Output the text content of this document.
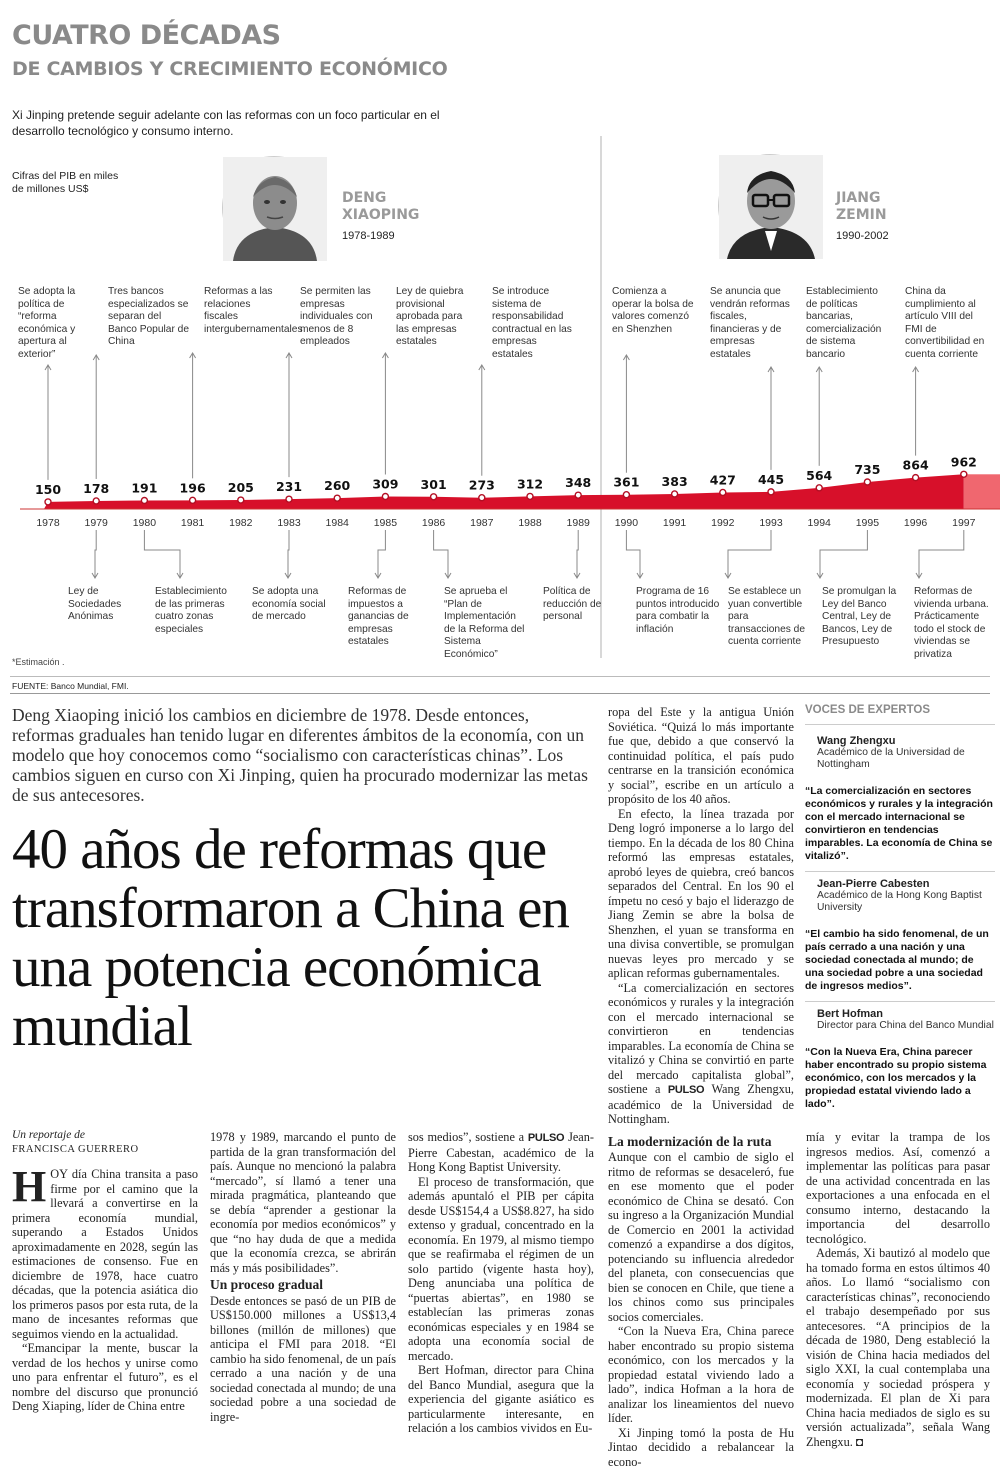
CUATRO DÉCADAS
DE CAMBIOS Y CRECIMIENTO ECONÓMICO
Xi Jinping pretende seguir adelante con las reformas con un foco particular en el desarrollo tecnológico y consumo interno.
Cifras del PIB en miles de millones US$
DENG
XIAOPING
1978-1989
JIANG
ZEMIN
1990-2002
Se adopta la política de “reforma económica y apertura al exterior”
Tres bancos especializados se separan del Banco Popular de China
Reformas a las relaciones fiscales intergubernamentales
Se permiten las empresas individuales con menos de 8 empleados
Ley de quiebra provisional aprobada para las empresas estatales
Se introduce sistema de responsabilidad contractual en las empresas estatales
Comienza a operar la bolsa de valores comenzó en Shenzhen
Se anuncia que vendrán reformas fiscales, financieras y de empresas estatales
Establecimiento de políticas bancarias, comercialización de sistema bancario
China da cumplimiento al artículo VIII del FMI de convertibilidad en cuenta corriente
Ley de Sociedades Anónimas
Establecimiento de las primeras cuatro zonas especiales
Se adopta una economía social de mercado
Reformas de impuestos a ganancias de empresas estatales
Se aprueba el “Plan de Implementación de la Reforma del Sistema Económico”
Política de reducción de personal
Programa de 16 puntos introducido para combatir la inflación
Se establece un yuan convertible para transacciones de cuenta corriente
Se promulgan la Ley del Banco Central, Ley de Bancos, Ley de Presupuesto
Reformas de vivienda urbana. Prácticamente todo el stock de viviendas se privatiza
150
1978
178
1979
191
1980
196
1981
205
1982
231
1983
260
1984
309
1985
301
1986
273
1987
312
1988
348
1989
361
1990
383
1991
427
1992
445
1993
564
1994
735
1995
864
1996
962
1997
*Estimación .
FUENTE: Banco Mundial, FMI.
Deng Xiaoping inició los cambios en diciembre de 1978. Desde entonces, reformas graduales han tenido lugar en diferentes ámbitos de la economía, con un modelo que hoy conocemos como “socialismo con características chinas”. Los cambios siguen en curso con Xi Jinping, quien ha procurado modernizar las metas de sus antecesores.
40 años de reformas que transformaron a China en una potencia económica mundial
Un reportaje de
FRANCISCA GUERRERO

HOY día China transita a paso firme por el camino que la llevará a convertirse en la primera economía mundial, superando a Estados Unidos aproximadamente en 2028, según las estimaciones de consenso. Fue en diciembre de 1978, hace cuatro décadas, que la potencia asiática dio los primeros pasos por esta ruta, de la mano de incesantes reformas que seguimos viendo en la actualidad.

“Emancipar la mente, buscar la verdad de los hechos y unirse como uno para enfrentar el futuro”, es el nombre del discurso que pronunció Deng Xiaping, líder de China entre

1978 y 1989, marcando el punto de partida de la gran transformación del país. Aunque no mencionó la palabra “mercado”, sí llamó a tener una mirada pragmática, planteando que se debía “aprender a gestionar la economía por medios económicos” y que “no hay duda de que a medida que la economía crezca, se abrirán más y más posibilidades”.

Un proceso gradual

Desde entonces se pasó de un PIB de US$150.000 millones a US$13,4 billones (millón de millones) que anticipa el FMI para 2018. “El cambio ha sido fenomenal, de un país cerrado a una nación y de una sociedad conectada al mundo; de una sociedad pobre a una sociedad de ingre-

sos medios”, sostiene a PULSO Jean-Pierre Cabestan, académico de la Hong Kong Baptist University.

El proceso de transformación, que además apuntaló el PIB per cápita desde US$154,4 a US$8.827, ha sido extenso y gradual, concentrado en la economía. En 1979, al mismo tiempo que se reafirmaba el régimen de un solo partido (vigente hasta hoy), Deng anunciaba una política de “puertas abiertas”, en 1980 se establecían las primeras zonas económicas especiales y en 1984 se adopta una economía social de mercado.

Bert Hofman, director para China del Banco Mundial, asegura que la experiencia del gigante asiático es particularmente interesante, en relación a los cambios vividos en Eu-

ropa del Este y la antigua Unión Soviética. “Quizá lo más importante fue que, debido a que conservó la continuidad política, el país pudo centrarse en la transición económica y social”, escribe en un artículo a propósito de los 40 años.

En efecto, la línea trazada por Deng logró imponerse a lo largo del tiempo. En la década de los 80 China reformó las empresas estatales, aprobó leyes de quiebra, creó bancos separados del Central. En los 90 el ímpetu no cesó y bajo el liderazgo de Jiang Zemin se abre la bolsa de Shenzhen, el yuan se transforma en una divisa convertible, se promulgan nuevas leyes pro mercado y se aplican reformas gubernamentales.

“La comercialización en sectores económicos y rurales y la integración con el mercado internacional se convirtieron en tendencias imparables. La economía de China se vitalizó y China se convirtió en parte del mercado capitalista global”, sostiene a PULSO Wang Zhengxu, académico de la Universidad de Nottingham.

La modernización de la ruta

Aunque con el cambio de siglo el ritmo de reformas se desaceleró, fue en ese momento que el poder económico de China se desató. Con su ingreso a la Organización Mundial de Comercio en 2001 la actividad comenzó a expandirse a dos dígitos, potenciando su influencia alrededor del planeta, con consecuencias que bien se conocen en Chile, que tiene a los chinos como sus principales socios comerciales.

“Con la Nueva Era, China parece haber encontrado su propio sistema económico, con los mercados y la propiedad estatal viviendo lado a lado”, indica Hofman a la hora de analizar los lineamientos del nuevo líder.

Xi Jinping tomó la posta de Hu Jintao decidido a rebalancear la econo-

mía y evitar la trampa de los ingresos medios. Así, comenzó a implementar las políticas para pasar de una actividad concentrada en las exportaciones a una enfocada en el consumo interno, destacando la importancia del desarrollo tecnológico.

Además, Xi bautizó al modelo que ha tomado forma en estos últimos 40 años. Lo llamó “socialismo con características chinas”, reconociendo el trabajo desempeñado por sus antecesores. “A principios de la década de 1980, Deng estableció la visión de China hacia mediados del siglo XXI, la cual contemplaba una economía y sociedad próspera y modernizada. El plan de Xi para China hacia mediados de siglo es su versión actualizada”, señala Wang Zhengxu. ◘

VOCES DE EXPERTOS
Wang Zhengxu
Académico de la Universidad de Nottingham
“La comercialización en sectores económicos y rurales y la integración con el mercado internacional se convirtieron en tendencias imparables. La economía de China se vitalizó”.
Jean-Pierre Cabesten
Académico de la Hong Kong Baptist University
“El cambio ha sido fenomenal, de un país cerrado a una nación y una sociedad conectada al mundo; de una sociedad pobre a una sociedad de ingresos medios”.
Bert Hofman
Director para China del Banco Mundial
“Con la Nueva Era, China parecer haber encontrado su propio sistema económico, con los mercados y la propiedad estatal viviendo lado a lado”.
